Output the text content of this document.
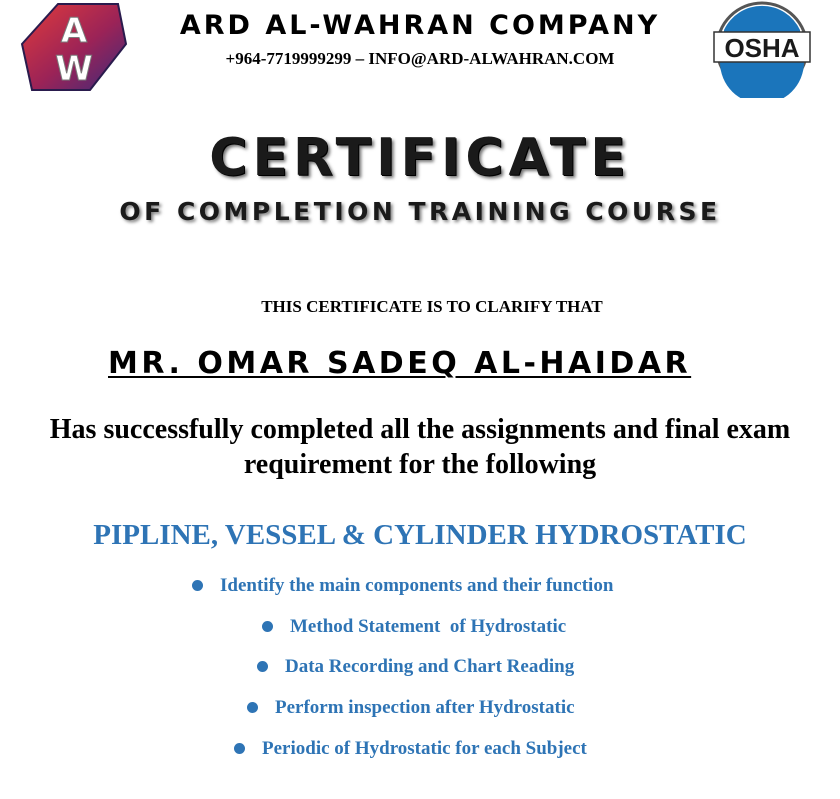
A
W
ARD AL-WAHRAN COMPANY
+964-7719999299 – INFO@ARD-ALWAHRAN.COM	OSHA
CERTIFICATE
OF COMPLETION TRAINING COURSE
THIS CERTIFICATE IS TO CLARIFY THAT
MR. OMAR SADEQ AL-HAIDAR
Has successfully completed all the assignments and final exam requirement for the following
PIPLINE, VESSEL & CYLINDER HYDROSTATIC
Identify the main components and their function
Method Statement  of Hydrostatic
Data Recording and Chart Reading
Perform inspection after Hydrostatic
Periodic of Hydrostatic for each Subject
